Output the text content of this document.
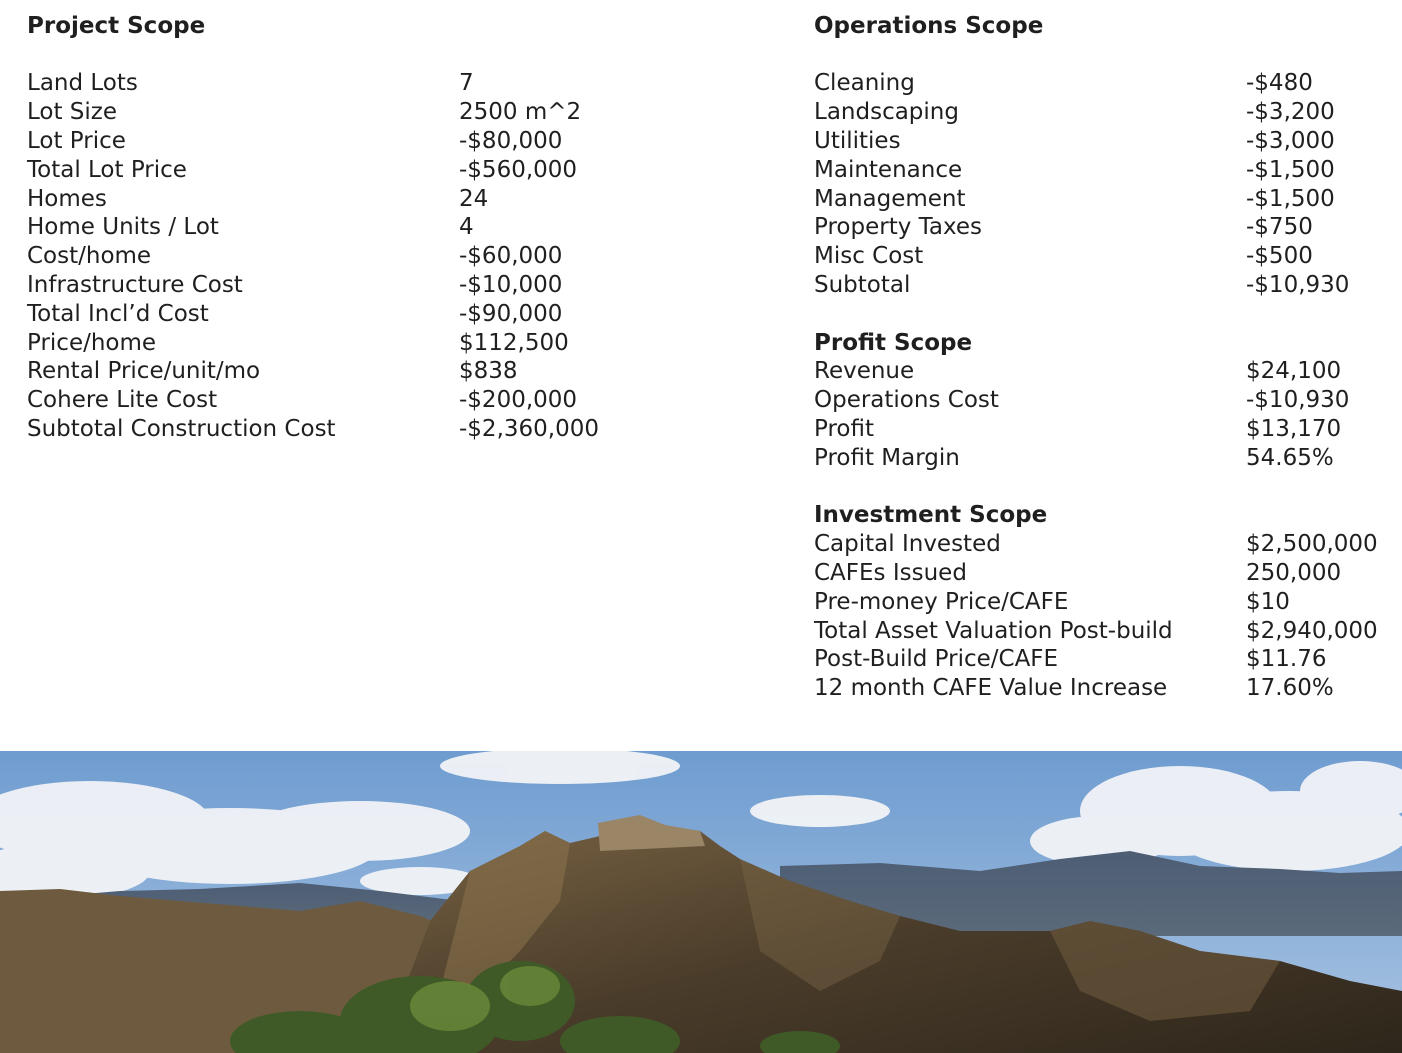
Project Scope
Land Lots	7
Lot Size	2500 m^2
Lot Price	-$80,000
Total Lot Price	-$560,000
Homes	24
Home Units / Lot	4
Cost/home	-$60,000
Infrastructure Cost	-$10,000
Total Incl’d Cost	-$90,000
Price/home	$112,500
Rental Price/unit/mo	$838
Cohere Lite Cost	-$200,000
Subtotal Construction Cost	-$2,360,000
Operations Scope
Cleaning	-$480
Landscaping	-$3,200
Utilities	-$3,000
Maintenance	-$1,500
Management	-$1,500
Property Taxes	-$750
Misc Cost	-$500
Subtotal	-$10,930
Profit Scope
Revenue	$24,100
Operations Cost	-$10,930
Profit	$13,170
Profit Margin	54.65%
Investment Scope
Capital Invested	$2,500,000
CAFEs Issued	250,000
Pre-money Price/CAFE	$10
Total Asset Valuation Post-build	$2,940,000
Post-Build Price/CAFE	$11.76
12 month CAFE Value Increase	17.60%
